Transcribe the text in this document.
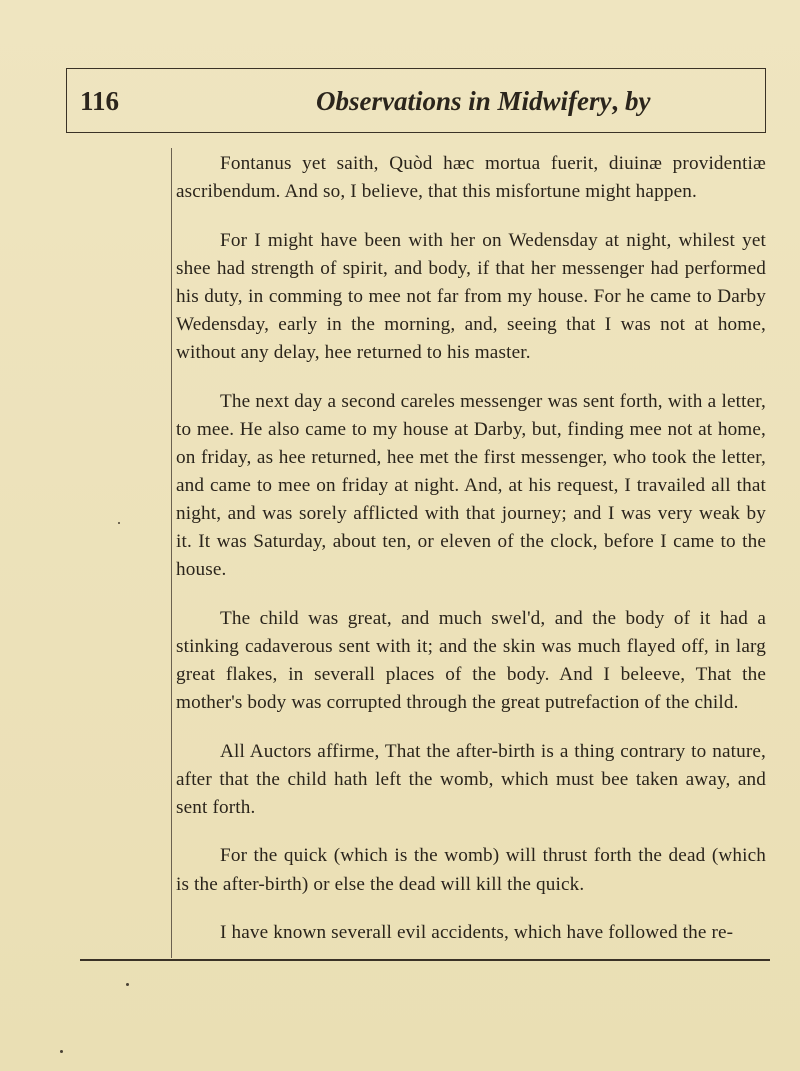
116	Observations in Midwifery, by

Fontanus yet saith, Quòd hæc mortua fuerit, diuinæ providentiæ ascribendum. And so, I believe, that this misfortune might happen.

For I might have been with her on Wedensday at night, whilest yet shee had strength of spirit, and body, if that her messenger had performed his duty, in comming to mee not far from my house. For he came to Darby Wedensday, early in the morning, and, seeing that I was not at home, without any delay, hee returned to his master.

The next day a second careles messenger was sent forth, with a letter, to mee. He also came to my house at Darby, but, finding mee not at home, on friday, as hee returned, hee met the first messenger, who took the letter, and came to mee on friday at night. And, at his request, I travailed all that night, and was sorely afflicted with that journey; and I was very weak by it. It was Saturday, about ten, or eleven of the clock, before I came to the house.

The child was great, and much swel'd, and the body of it had a stinking cadaverous sent with it; and the skin was much flayed off, in larg great flakes, in severall places of the body. And I beleeve, That the mother's body was corrupted through the great putrefaction of the child.

All Auctors affirme, That the after-birth is a thing contrary to nature, after that the child hath left the womb, which must bee taken away, and sent forth.

For the quick (which is the womb) will thrust forth the dead (which is the after-birth) or else the dead will kill the quick.

I have known severall evil accidents, which have followed the re-
